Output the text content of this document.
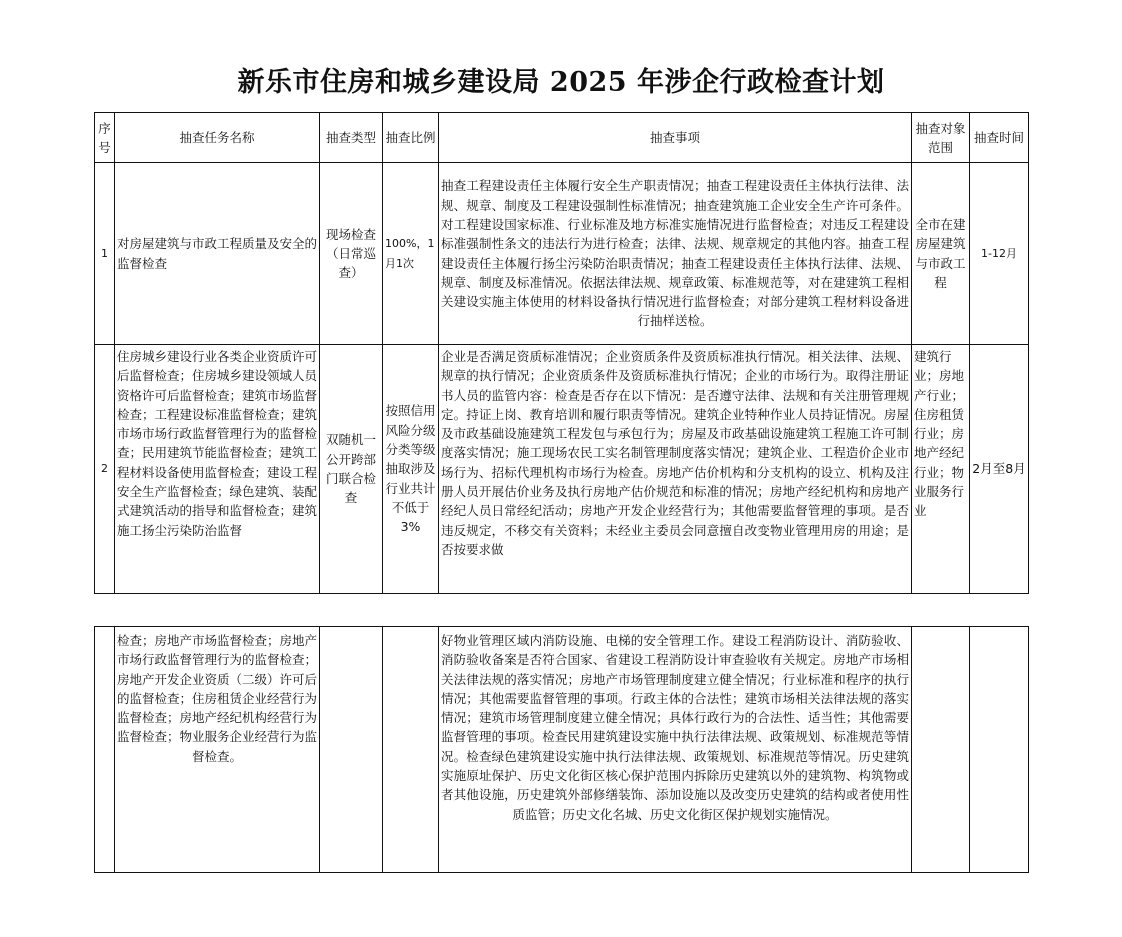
新乐市住房和城乡建设局 2025 年涉企行政检查计划
序号	抽查任务名称	抽查类型	抽查比例	抽查事项	抽查对象范围	抽查时间
1	对房屋建筑与市政工程质量及安全的监督检查	现场检查（日常巡查）	100%，1月1次	抽查工程建设责任主体履行安全生产职责情况；抽查工程建设责任主体执行法律、法规、规章、制度及工程建设强制性标准情况；抽查建筑施工企业安全生产许可条件。对工程建设国家标准、行业标准及地方标准实施情况进行监督检查；对违反工程建设标准强制性条文的违法行为进行检查；法律、法规、规章规定的其他内容。抽查工程建设责任主体履行扬尘污染防治职责情况；抽查工程建设责任主体执行法律、法规、规章、制度及标准情况。依据法律法规、规章政策、标准规范等，对在建建筑工程相关建设实施主体使用的材料设备执行情况进行监督检查；对部分建筑工程材料设备进行抽样送检。	全市在建房屋建筑与市政工程	1-12月
2	住房城乡建设行业各类企业资质许可后监督检查；住房城乡建设领域人员资格许可后监督检查；建筑市场监督检查；工程建设标准监督检查；建筑市场市场行政监督管理行为的监督检查；民用建筑节能监督检查；建筑工程材料设备使用监督检查；建设工程安全生产监督检查；绿色建筑、装配式建筑活动的指导和监督检查；建筑施工扬尘污染防治监督	双随机一公开跨部门联合检查	按照信用风险分级分类等级抽取涉及行业共计不低于3%	企业是否满足资质标准情况；企业资质条件及资质标准执行情况。相关法律、法规、规章的执行情况；企业资质条件及资质标准执行情况；企业的市场行为。取得注册证书人员的监管内容：检查是否存在以下情况：是否遵守法律、法规和有关注册管理规定。持证上岗、教育培训和履行职责等情况。建筑企业特种作业人员持证情况。房屋及市政基础设施建筑工程发包与承包行为；房屋及市政基础设施建筑工程施工许可制度落实情况；施工现场农民工实名制管理制度落实情况；建筑企业、工程造价企业市场行为、招标代理机构市场行为检查。房地产估价机构和分支机构的设立、机构及注册人员开展估价业务及执行房地产估价规范和标准的情况；房地产经纪机构和房地产经纪人员日常经纪活动；房地产开发企业经营行为；其他需要监督管理的事项。是否违反规定，不移交有关资料；未经业主委员会同意擅自改变物业管理用房的用途；是否按要求做	建筑行业；房地产行业；住房租赁行业；房地产经纪行业；物业服务行业	2月至8月
	检查；房地产市场监督检查；房地产市场行政监督管理行为的监督检查；房地产开发企业资质（二级）许可后的监督检查；住房租赁企业经营行为监督检查；房地产经纪机构经营行为监督检查；物业服务企业经营行为监督检查。			好物业管理区域内消防设施、电梯的安全管理工作。建设工程消防设计、消防验收、消防验收备案是否符合国家、省建设工程消防设计审查验收有关规定。房地产市场相关法律法规的落实情况；房地产市场管理制度建立健全情况；行业标准和程序的执行情况；其他需要监督管理的事项。行政主体的合法性；建筑市场相关法律法规的落实情况；建筑市场管理制度建立健全情况；具体行政行为的合法性、适当性；其他需要监督管理的事项。检查民用建筑建设实施中执行法律法规、政策规划、标准规范等情况。检查绿色建筑建设实施中执行法律法规、政策规划、标准规范等情况。历史建筑实施原址保护、历史文化街区核心保护范围内拆除历史建筑以外的建筑物、构筑物或者其他设施，历史建筑外部修缮装饰、添加设施以及改变历史建筑的结构或者使用性质监管；历史文化名城、历史文化街区保护规划实施情况。		
